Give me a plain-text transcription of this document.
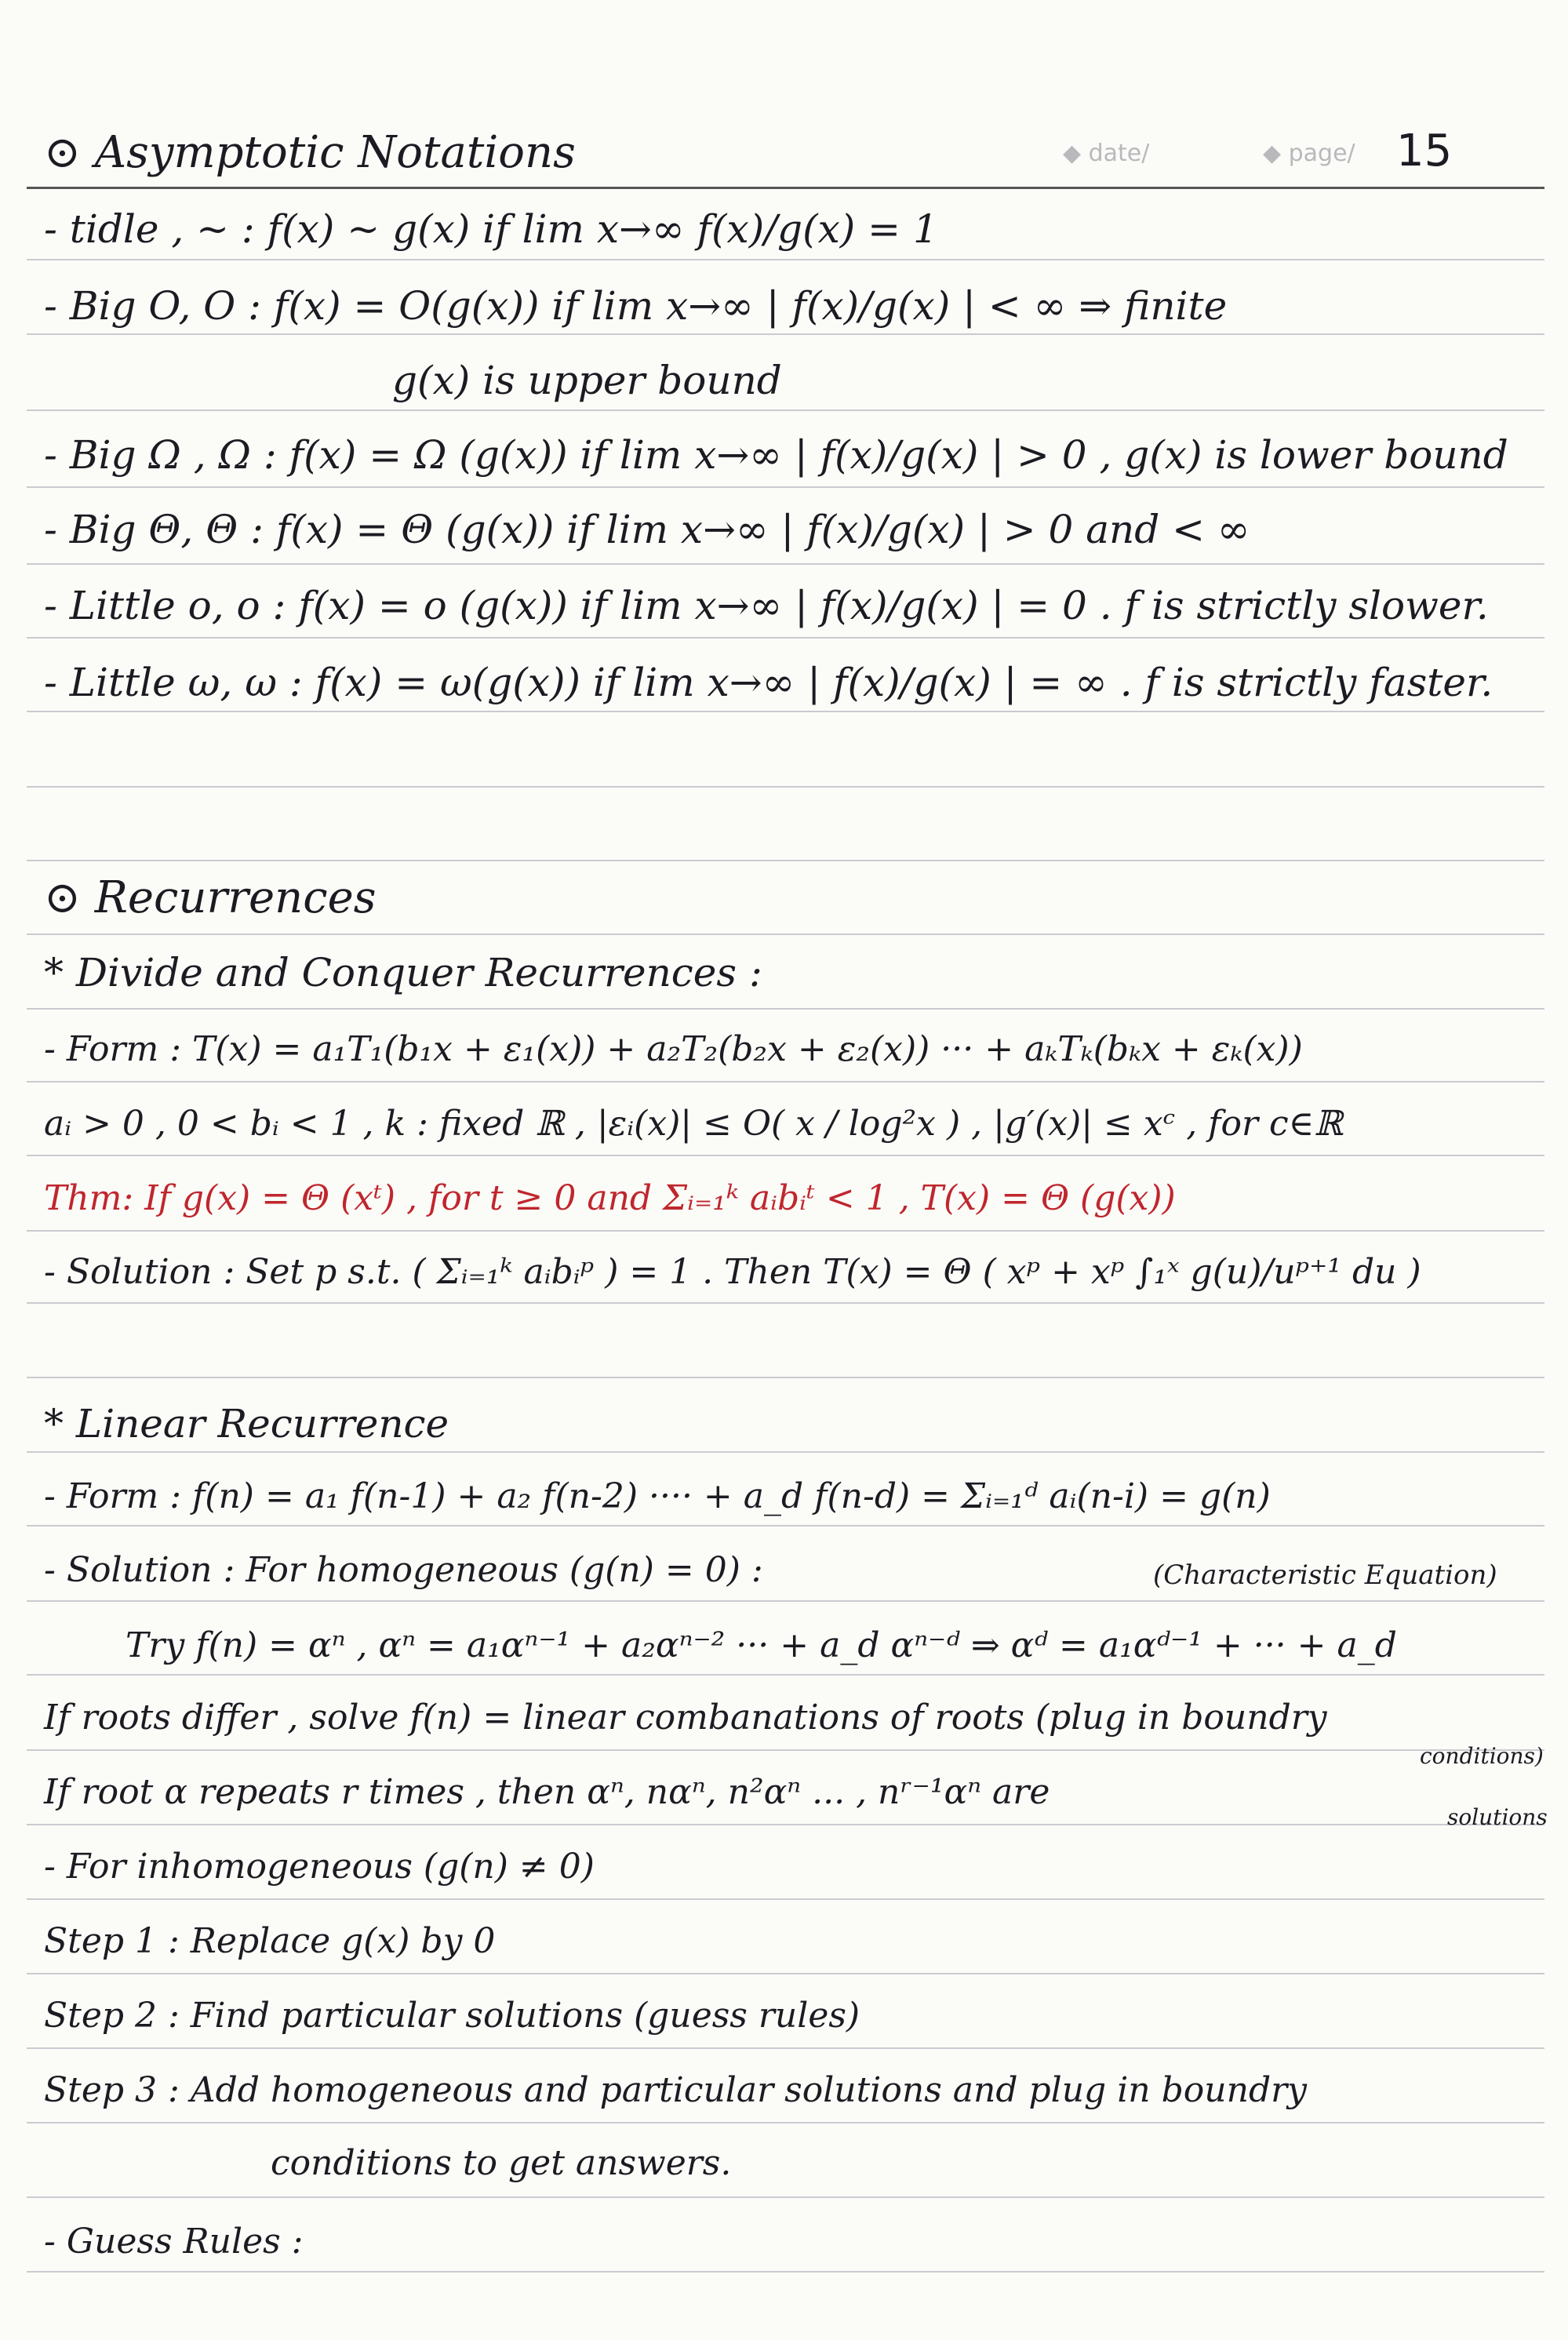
◆ date/	◆ page/ 15
⊙ Asymptotic Notations
- tidle , ~ : f(x) ~ g(x) if lim x→∞ f(x)/g(x) = 1
- Big O, O : f(x) = O(g(x)) if lim x→∞ | f(x)/g(x) | < ∞ ⇒ finite
g(x) is upper bound
- Big Ω , Ω : f(x) = Ω (g(x)) if lim x→∞ | f(x)/g(x) | > 0 , g(x) is lower bound
- Big Θ, Θ : f(x) = Θ (g(x)) if lim x→∞ | f(x)/g(x) | > 0 and < ∞
- Little o, o : f(x) = o (g(x)) if lim x→∞ | f(x)/g(x) | = 0 . f is strictly slower.
- Little ω, ω : f(x) = ω(g(x)) if lim x→∞ | f(x)/g(x) | = ∞ . f is strictly faster.
⊙ Recurrences
* Divide and Conquer Recurrences :
- Form : T(x) = a₁T₁(b₁x + ε₁(x)) + a₂T₂(b₂x + ε₂(x)) ··· + aₖTₖ(bₖx + εₖ(x))
aᵢ > 0 , 0 < bᵢ < 1 , k : fixed ℝ , |εᵢ(x)| ≤ O( x / log²x ) , |g′(x)| ≤ xᶜ , for c∈ℝ
Thm: If g(x) = Θ (xᵗ) , for t ≥ 0 and Σᵢ₌₁ᵏ aᵢbᵢᵗ < 1 , T(x) = Θ (g(x))
- Solution : Set p s.t. ( Σᵢ₌₁ᵏ aᵢbᵢᵖ ) = 1 . Then T(x) = Θ ( xᵖ + xᵖ ∫₁ˣ g(u)/uᵖ⁺¹ du )
* Linear Recurrence
- Form : f(n) = a₁ f(n-1) + a₂ f(n-2) ···· + a_d f(n-d) = Σᵢ₌₁ᵈ aᵢ(n-i) = g(n)
- Solution : For homogeneous (g(n) = 0) :	(Characteristic Equation)
Try f(n) = αⁿ , αⁿ = a₁αⁿ⁻¹ + a₂αⁿ⁻² ··· + a_d αⁿ⁻ᵈ ⇒ αᵈ = a₁αᵈ⁻¹ + ··· + a_d
If roots differ , solve f(n) = linear combanations of roots (plug in boundry
conditions)
If root α repeats r times , then αⁿ, nαⁿ, n²αⁿ ... , nʳ⁻¹αⁿ are
solutions
- For inhomogeneous (g(n) ≠ 0)
Step 1 : Replace g(x) by 0
Step 2 : Find particular solutions (guess rules)
Step 3 : Add homogeneous and particular solutions and plug in boundry
conditions to get answers.
- Guess Rules :
